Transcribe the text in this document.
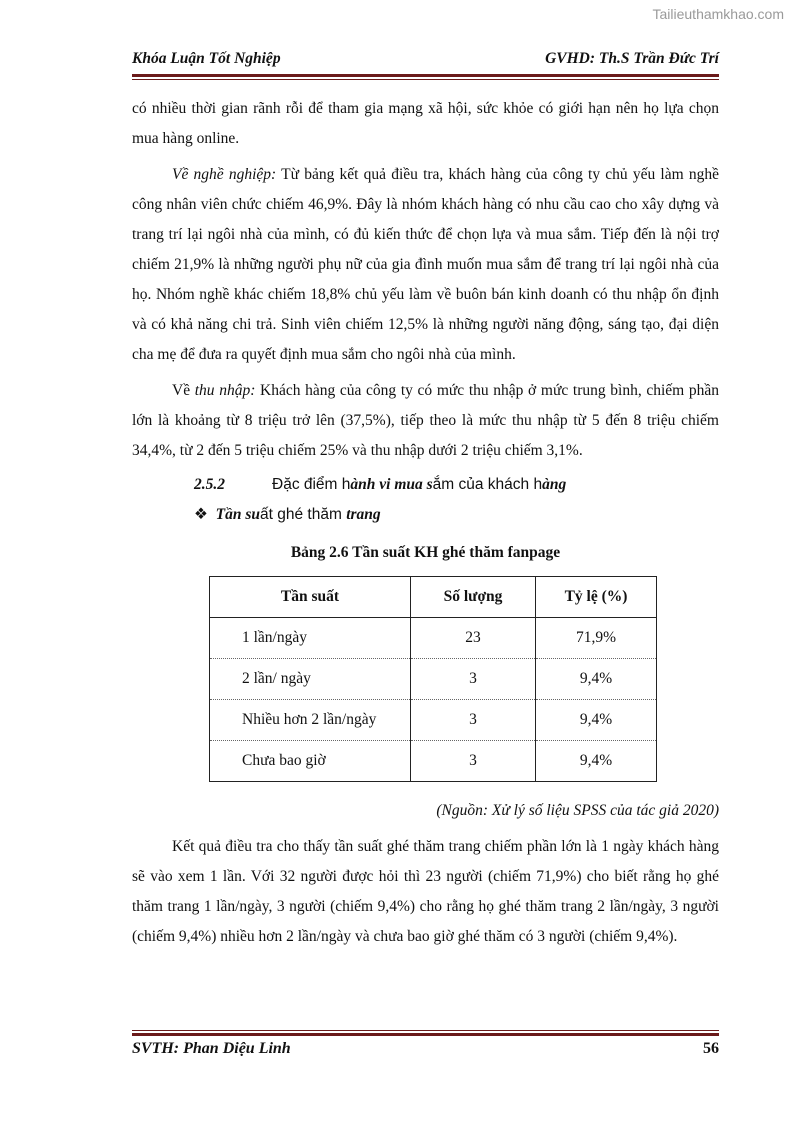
Tailieuthamkhao.com
Khóa Luận Tốt Nghiệp	GVHD: Th.S Trần Đức Trí

có nhiều thời gian rãnh rỗi để tham gia mạng xã hội, sức khỏe có giới hạn nên họ lựa chọn mua hàng online.

Về nghề nghiệp: Từ bảng kết quả điều tra, khách hàng của công ty chủ yếu làm nghề công nhân viên chức chiếm 46,9%. Đây là nhóm khách hàng có nhu cầu cao cho xây dựng và trang trí lại ngôi nhà của mình, có đủ kiến thức để chọn lựa và mua sắm. Tiếp đến là nội trợ chiếm 21,9% là những người phụ nữ của gia đình muốn mua sắm để trang trí lại ngôi nhà của họ. Nhóm nghề khác chiếm 18,8% chủ yếu làm về buôn bán kinh doanh có thu nhập ổn định và có khả năng chi trả. Sinh viên chiếm 12,5% là những người năng động, sáng tạo, đại diện cha mẹ để đưa ra quyết định mua sắm cho ngôi nhà của mình.

Về thu nhập: Khách hàng của công ty có mức thu nhập ở mức trung bình, chiếm phần lớn là khoảng từ 8 triệu trở lên (37,5%), tiếp theo là mức thu nhập từ 5 đến 8 triệu chiếm 34,4%, từ 2 đến 5 triệu chiếm 25% và thu nhập dưới 2 triệu chiếm 3,1%.

2.5.2	Đặc điểm hành vi mua sắm của khách hàng
❖ Tần suất ghé thăm trang
Bảng 2.6 Tần suất KH ghé thăm fanpage
Tần suất	Số lượng	Tỷ lệ (%)
1 lần/ngày	23	71,9%
2 lần/ ngày	3	9,4%
Nhiều hơn 2 lần/ngày	3	9,4%
Chưa bao giờ	3	9,4%
(Nguồn: Xử lý số liệu SPSS của tác giả 2020)

Kết quả điều tra cho thấy tần suất ghé thăm trang chiếm phần lớn là 1 ngày khách hàng sẽ vào xem 1 lần. Với 32 người được hỏi thì 23 người (chiếm 71,9%) cho biết rằng họ ghé thăm trang 1 lần/ngày, 3 người (chiếm 9,4%) cho rằng họ ghé thăm trang 2 lần/ngày, 3 người (chiếm 9,4%) nhiều hơn 2 lần/ngày và chưa bao giờ ghé thăm có 3 người (chiếm 9,4%).

SVTH: Phan Diệu Linh	56
